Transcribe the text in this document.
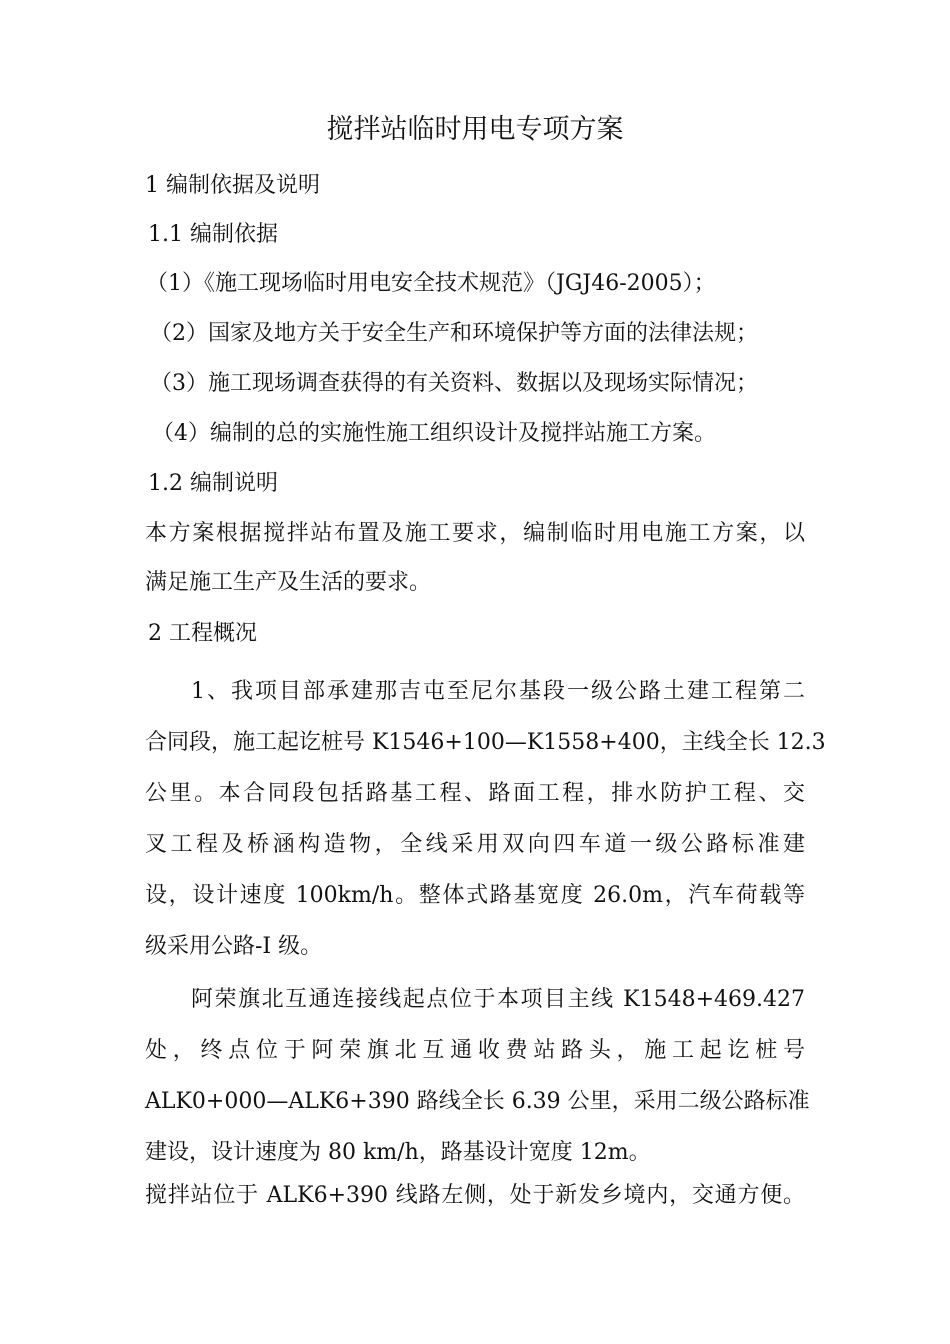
搅拌站临时用电专项方案
1 编制依据及说明
1.1 编制依据
（1）《施工现场临时用电安全技术规范》（JGJ46-2005）；
（2）国家及地方关于安全生产和环境保护等方面的法律法规；
（3）施工现场调查获得的有关资料、数据以及现场实际情况；
（4）编制的总的实施性施工组织设计及搅拌站施工方案。
1.2 编制说明
本方案根据搅拌站布置及施工要求，编制临时用电施工方案，以
满足施工生产及生活的要求。
2 工程概况
1、我项目部承建那吉屯至尼尔基段一级公路土建工程第二
合同段，施工起讫桩号 K1546+100—K1558+400，主线全长 12.3
公里。本合同段包括路基工程、路面工程，排水防护工程、交
叉工程及桥涵构造物，全线采用双向四车道一级公路标准建
设，设计速度 100km/h。整体式路基宽度 26.0m，汽车荷载等
级采用公路-I 级。
阿荣旗北互通连接线起点位于本项目主线 K1548+469.427
处，终点位于阿荣旗北互通收费站路头，施工起讫桩号
ALK0+000—ALK6+390 路线全长 6.39 公里，采用二级公路标准
建设，设计速度为 80 km/h，路基设计宽度 12m。
搅拌站位于 ALK6+390 线路左侧，处于新发乡境内，交通方便。
